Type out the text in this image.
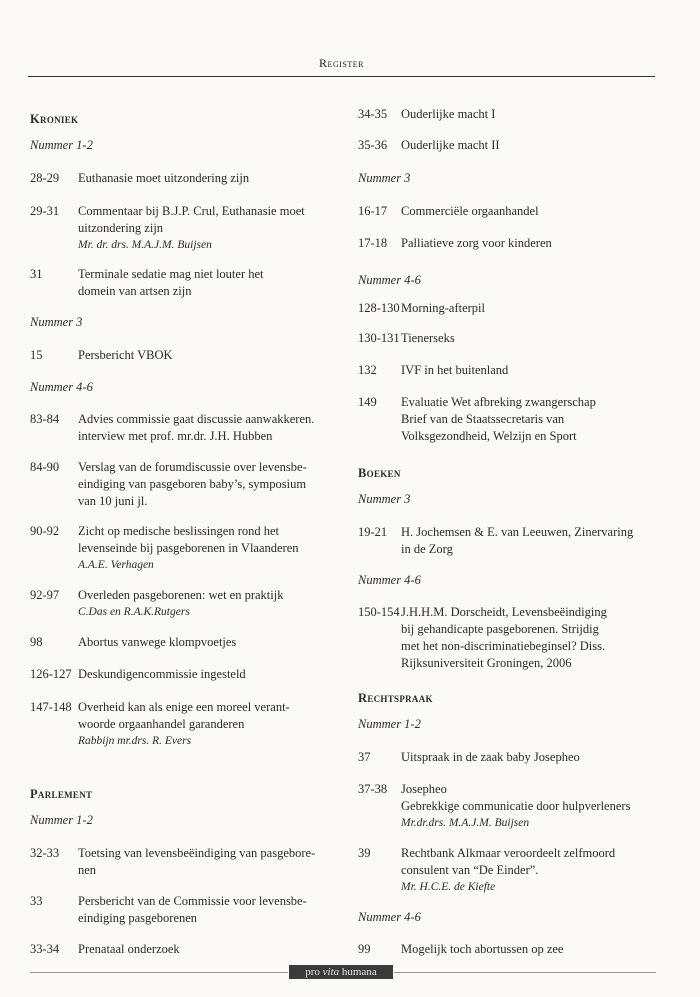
Register
Kroniek
Nummer 1-2
28-29 Euthanasie moet uitzondering zijn
29-31 Commentaar bij B.J.P. Crul, Euthanasie moet
uitzondering zijn
Mr. dr. drs. M.A.J.M. Buijsen
31	Terminale sedatie mag niet louter het
domein van artsen zijn
Nummer 3
15	Persbericht VBOK
Nummer 4-6
83-84 Advies commissie gaat discussie aanwakkeren.
interview met prof. mr.dr. J.H. Hubben
84-90 Verslag van de forumdiscussie over levensbe-
eindiging van pasgeboren baby’s, symposium
van 10 juni jl.
90-92 Zicht op medische beslissingen rond het
levenseinde bij pasgeborenen in Vlaanderen
A.A.E. Verhagen
92-97 Overleden pasgeborenen: wet en praktijk
C.Das en R.A.K.Rutgers
98	Abortus vanwege klompvoetjes
126-127 Deskundigencommissie ingesteld
147-148 Overheid kan als enige een moreel verant-
woorde orgaanhandel garanderen
Rabbijn mr.drs. R. Evers
Parlement
Nummer 1-2
32-33 Toetsing van levensbeëindiging van pasgebore-
nen
33	Persbericht van de Commissie voor levensbe-
eindiging pasgeborenen
33-34 Prenataal onderzoek
34-35 Ouderlijke macht I
35-36 Ouderlijke macht II
Nummer 3
16-17 Commerciële orgaanhandel
17-18 Palliatieve zorg voor kinderen
Nummer 4-6
128-130 Morning-afterpil
130-131 Tienerseks
132 IVF in het buitenland
149 Evaluatie Wet afbreking zwangerschap
Brief van de Staatssecretaris van
Volksgezondheid, Welzijn en Sport
Boeken
Nummer 3
19-21 H. Jochemsen & E. van Leeuwen, Zinervaring
in de Zorg
Nummer 4-6
150-154 J.H.H.M. Dorscheidt, Levensbeëindiging
bij gehandicapte pasgeborenen. Strijdig
met het non-discriminatiebeginsel? Diss.
Rijksuniversiteit Groningen, 2006
Rechtspraak
Nummer 1-2
37 Uitspraak in de zaak baby Josepheo
37-38 Josepheo
Gebrekkige communicatie door hulpverleners
Mr.dr.drs. M.A.J.M. Buijsen
39 Rechtbank Alkmaar veroordeelt zelfmoord
consulent van “De Einder”.
Mr. H.C.E. de Kiefte
Nummer 4-6
99 Mogelijk toch abortussen op zee
pro vita humana
